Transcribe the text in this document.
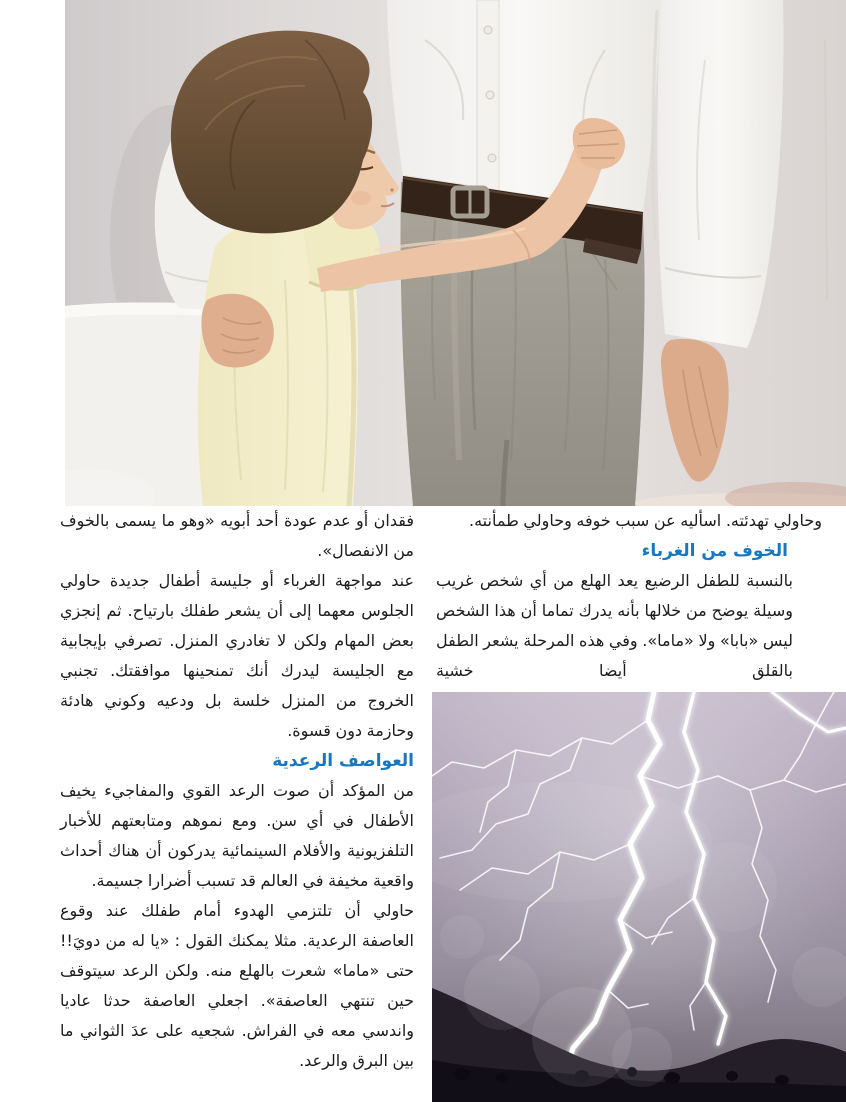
وحاولي تهدئته. اسأليه عن سبب خوفه وحاولي طمأنته.

الخوف من الغرباء

بالنسبة للطفل الرضيع يعد الهلع من أي شخص غريب وسيلة يوضح من خلالها بأنه يدرك تماما أن هذا الشخص ليس «بابا» ولا «ماما». وفي هذه المرحلة يشعر الطفل بالقلق أيضا خشية

فقدان أو عدم عودة أحد أبويه «وهو ما يسمى بالخوف من الانفصال».

عند مواجهة الغرباء أو جليسة أطفال جديدة حاولي الجلوس معهما إلى أن يشعر طفلك بارتياح. ثم إنجزي بعض المهام ولكن لا تغادري المنزل. تصرفي بإيجابية مع الجليسة ليدرك أنك تمنحينها موافقتك. تجنبي الخروج من المنزل خلسة بل ودعيه وكوني هادئة وحازمة دون قسوة.

العواصف الرعدية

من المؤكد أن صوت الرعد القوي والمفاجيء يخيف الأطفال في أي سن. ومع نموهم ومتابعتهم للأخبار التلفزيونية والأفلام السينمائية يدركون أن هناك أحداث واقعية مخيفة في العالم قد تسبب أضرارا جسيمة.

حاولي أن تلتزمي الهدوء أمام طفلك عند وقوع العاصفة الرعدية. مثلا يمكنك القول : «يا له من دويَ!! حتى «ماما» شعرت بالهلع منه. ولكن الرعد سيتوقف حين تنتهي العاصفة». اجعلي العاصفة حدثا عاديا واندسي معه في الفراش. شجعيه على عدَ الثواني ما بين البرق والرعد.
